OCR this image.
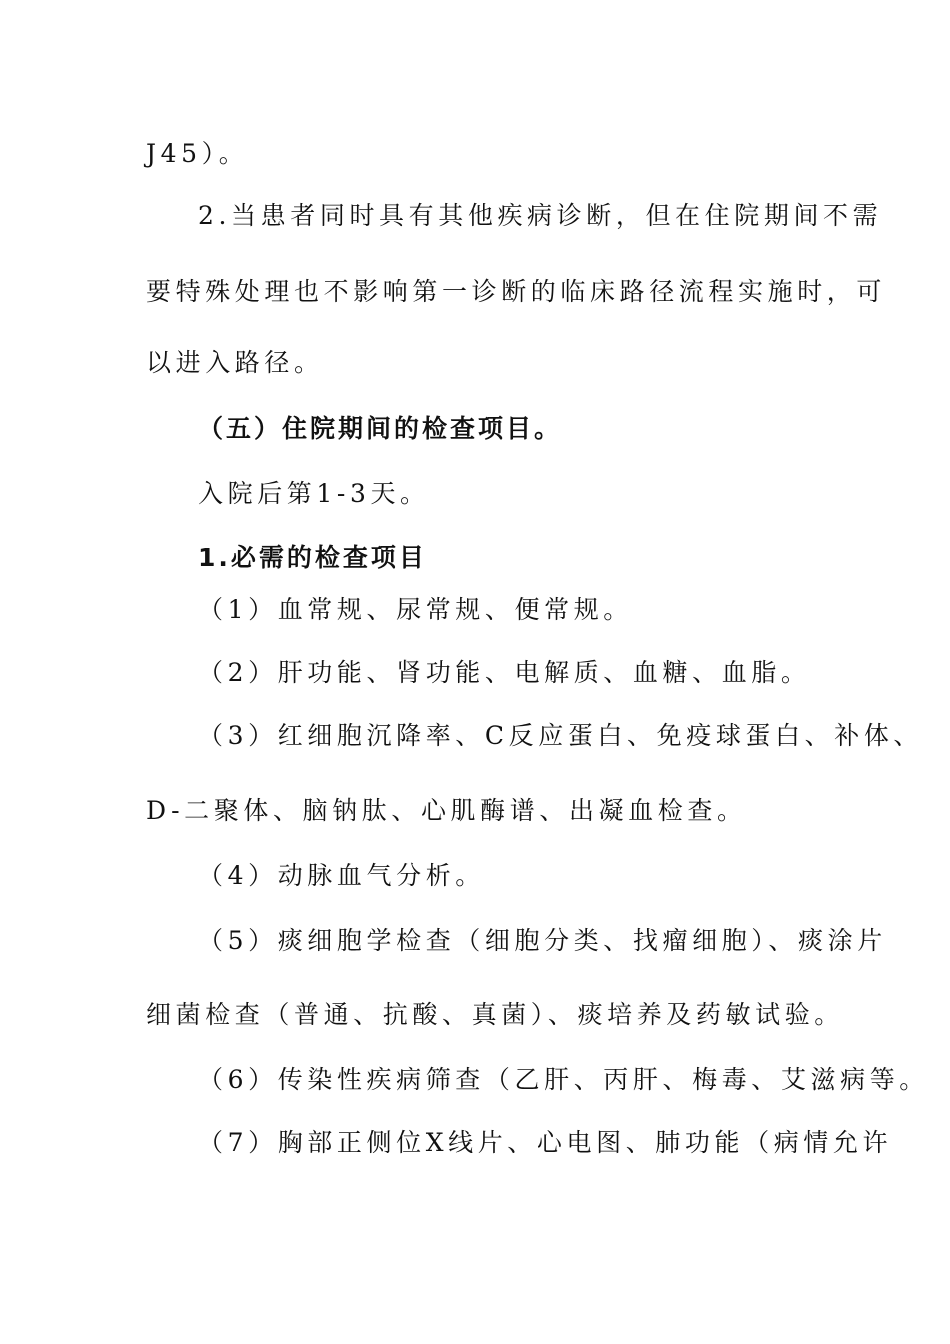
J45）。

2.当患者同时具有其他疾病诊断，但在住院期间不需

要特殊处理也不影响第一诊断的临床路径流程实施时，可

以进入路径。

（五）住院期间的检查项目。

入院后第1-3天。

1.必需的检查项目

（1）血常规、尿常规、便常规。

（2）肝功能、肾功能、电解质、血糖、血脂。

（3）红细胞沉降率、C反应蛋白、免疫球蛋白、补体、

D-二聚体、脑钠肽、心肌酶谱、出凝血检查。

（4）动脉血气分析。

（5）痰细胞学检查（细胞分类、找瘤细胞）、痰涂片

细菌检查（普通、抗酸、真菌）、痰培养及药敏试验。

（6）传染性疾病筛查（乙肝、丙肝、梅毒、艾滋病等。

（7）胸部正侧位X线片、心电图、肺功能（病情允许
